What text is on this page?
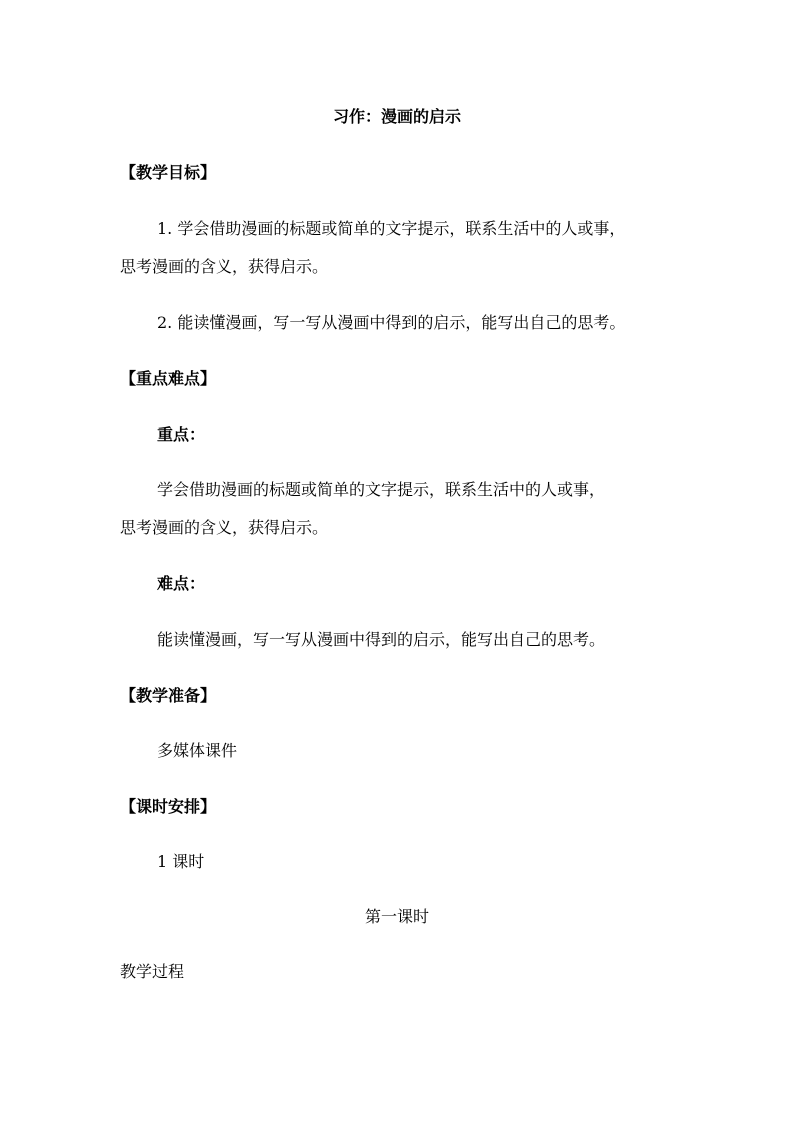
习作：漫画的启示

【教学目标】

1. 学会借助漫画的标题或简单的文字提示，联系生活中的人或事，

思考漫画的含义，获得启示。

2. 能读懂漫画，写一写从漫画中得到的启示，能写出自己的思考。

【重点难点】

重点：

学会借助漫画的标题或简单的文字提示，联系生活中的人或事，

思考漫画的含义，获得启示。

难点：

能读懂漫画，写一写从漫画中得到的启示，能写出自己的思考。

【教学准备】

多媒体课件

【课时安排】

1 课时

第一课时

教学过程
